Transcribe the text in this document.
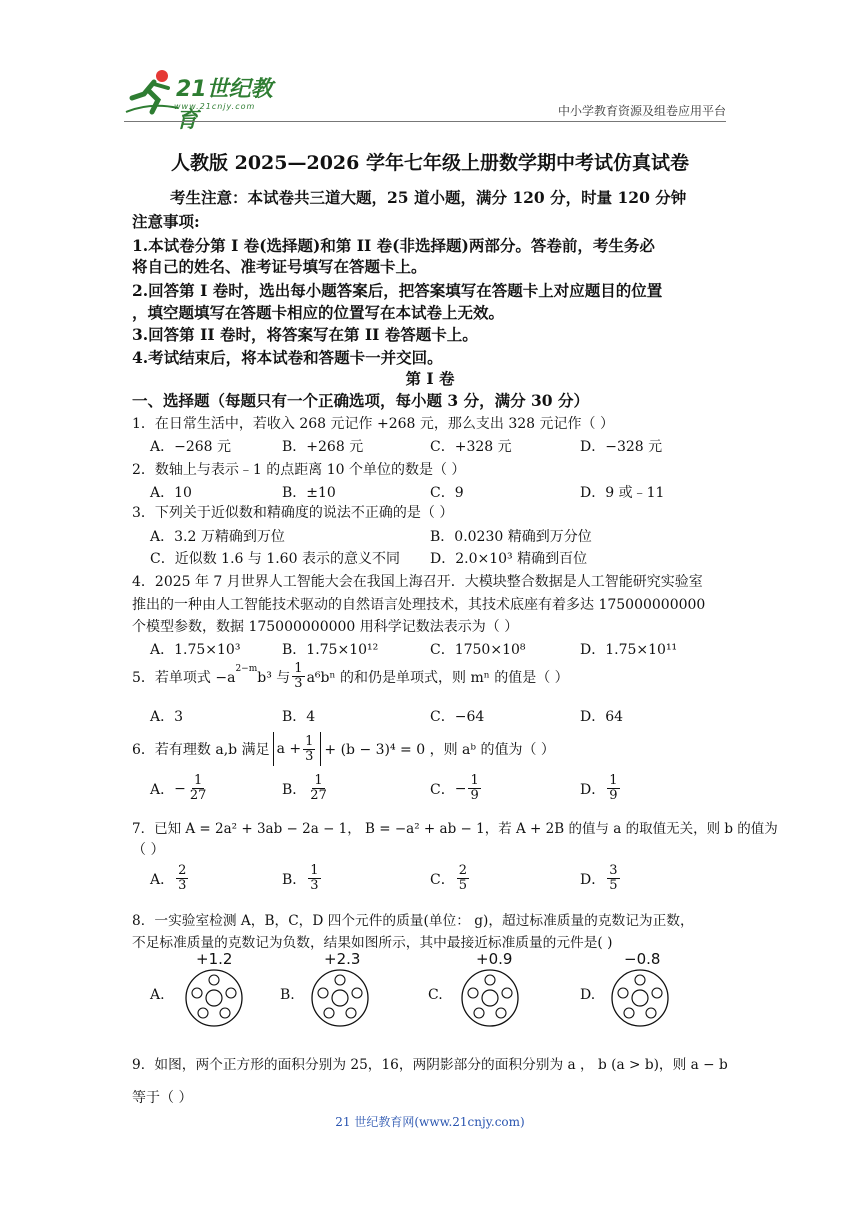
21世纪教育
www.21cnjy.com	中小学教育资源及组卷应用平台
人教版 2025—2026 学年七年级上册数学期中考试仿真试卷
考生注意：本试卷共三道大题，25 道小题，满分 120 分，时量 120 分钟
注意事项:
1.本试卷分第 I 卷(选择题)和第 II 卷(非选择题)两部分。答卷前，考生务必
将自己的姓名、准考证号填写在答题卡上。
2.回答第 I 卷时，选出每小题答案后，把答案填写在答题卡上对应题目的位置
，填空题填写在答题卡相应的位置写在本试卷上无效。
3.回答第 II 卷时，将答案写在第 II 卷答题卡上。
4.考试结束后，将本试卷和答题卡一并交回。
第 I 卷
一、选择题（每题只有一个正确选项，每小题 3 分，满分 30 分）
1．在日常生活中，若收入 268 元记作 +268 元，那么支出 328 元记作（ ）
A．−268 元	B．+268 元	C．+328 元	D．−328 元
2．数轴上与表示﹣1 的点距离 10 个单位的数是（ ）
A．10	B．±10	C．9	D．9 或﹣11
3．下列关于近似数和精确度的说法不正确的是（ ）
A．3.2 万精确到万位	B．0.0230 精确到万分位
C．近似数 1.6 与 1.60 表示的意义不同 D．2.0×10³ 精确到百位
4．2025 年 7 月世界人工智能大会在我国上海召开．大模块整合数据是人工智能研究实验室
推出的一种由人工智能技术驱动的自然语言处理技术，其技术底座有着多达 175000000000
个模型参数，数据 175000000000 用科学记数法表示为（ ）
A．1.75×10³	B．1.75×10¹²	C．1750×10⁸	D．1.75×10¹¹
5．若单项式 −a
$^{2-m}$
b³ 与 $\frac{1}{3} a^6b^n$ 的和仍是单项式，则 mⁿ 的值是（ ）
A．3	B．4	C．−64	D．64
6．若有理数 a,b 满足 $a + \frac{1}{3} + (b - 3)^4 = 0$ ，则 aᵇ 的值为（ ）
A． − $\frac{1}{27}$	B． $\frac{1}{27}$	C． − $\frac{1}{9}$	D． $\frac{1}{9}$
7．已知 A = 2a² + 3ab − 2a − 1， B = −a² + ab − 1，若 A + 2B 的值与 a 的取值无关，则 b 的值为
（ ）
A． $\frac{2}{3}$	B． $\frac{1}{3}$	C． $\frac{2}{5}$	D． $\frac{3}{5}$
8．一实验室检测 A，B，C，D 四个元件的质量(单位： g)，超过标准质量的克数记为正数，
不足标准质量的克数记为负数，结果如图所示，其中最接近标准质量的元件是( )
A.
+1.2
B.
+2.3
C.
+0.9
D.
−0.8
9．如图，两个正方形的面积分别为 25，16，两阴影部分的面积分别为 a ， b (a > b)，则 a − b
等于（ ）
21 世纪教育网(www.21cnjy.com)
